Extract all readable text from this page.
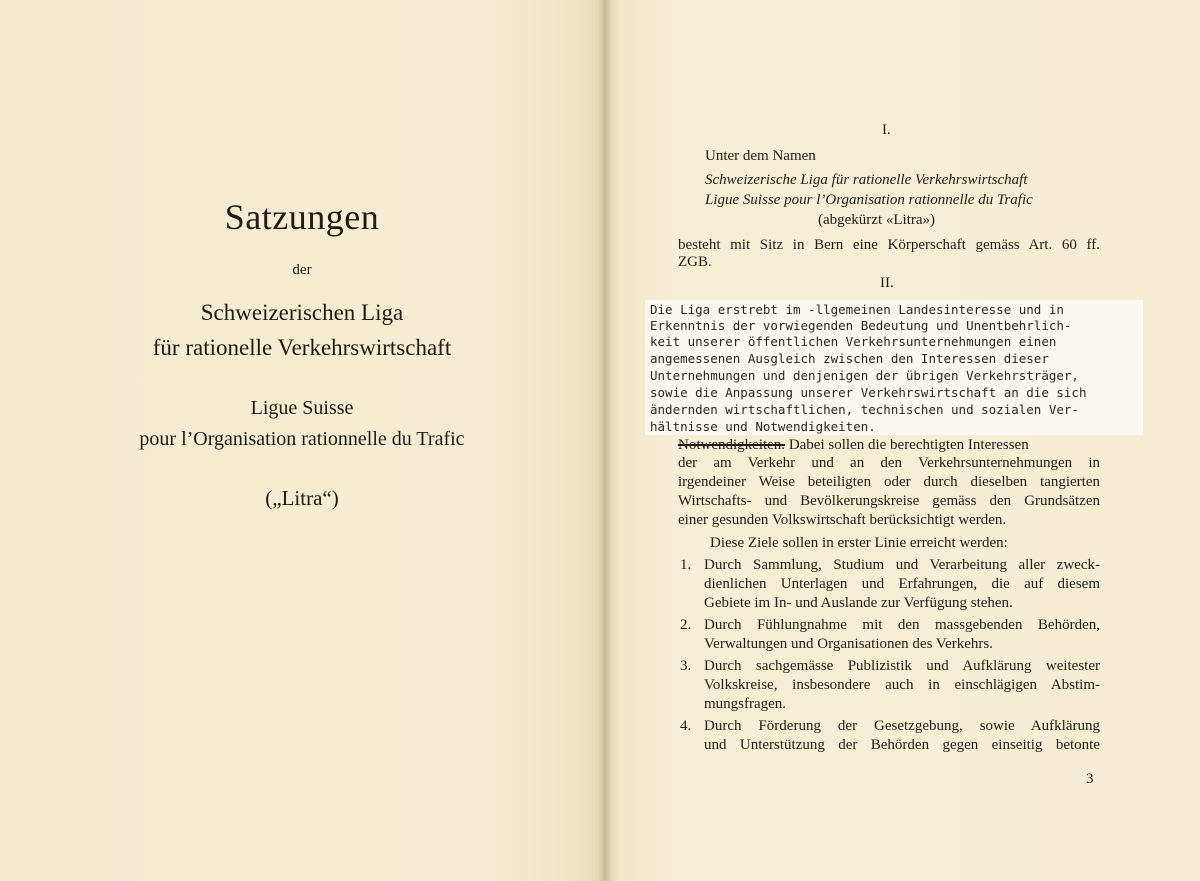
Satzungen
der
Schweizerischen Liga
für rationelle Verkehrswirtschaft
Ligue Suisse
pour l’Organisation rationnelle du Trafic
(„Litra“)
I.
Unter dem Namen
Schweizerische Liga für rationelle Verkehrswirtschaft
Ligue Suisse pour l’Organisation rationnelle du Trafic
(abgekürzt «Litra»)
besteht mit Sitz in Bern eine Körperschaft gemäss Art. 60 ff.
ZGB.
II.
Die Liga erstrebt im -llgemeinen Landesinteresse und in
Erkenntnis der vorwiegenden Bedeutung und Unentbehrlich-
keit unserer öffentlichen Verkehrsunternehmungen einen
angemessenen Ausgleich zwischen den Interessen dieser
Unternehmungen und denjenigen der übrigen Verkehrsträger,
sowie die Anpassung unserer Verkehrswirtschaft an die sich
ändernden wirtschaftlichen, technischen und sozialen Ver-
hältnisse und Notwendigkeiten.
Notwendigkeiten. Dabei sollen die berechtigten Interessen
der am Verkehr und an den Verkehrsunternehmungen in
irgendeiner Weise beteiligten oder durch dieselben tangierten
Wirtschafts- und Bevölkerungskreise gemäss den Grundsätzen
einer gesunden Volkswirtschaft berücksichtigt werden.
Diese Ziele sollen in erster Linie erreicht werden:
1. Durch Sammlung, Studium und Verarbeitung aller zweck-
dienlichen Unterlagen und Erfahrungen, die auf diesem
Gebiete im In- und Auslande zur Verfügung stehen.
2. Durch Fühlungnahme mit den massgebenden Behörden,
Verwaltungen und Organisationen des Verkehrs.
3. Durch sachgemässe Publizistik und Aufklärung weitester
Volkskreise, insbesondere auch in einschlägigen Abstim-
mungsfragen.
4. Durch Förderung der Gesetzgebung, sowie Aufklärung
und Unterstützung der Behörden gegen einseitig betonte
3
